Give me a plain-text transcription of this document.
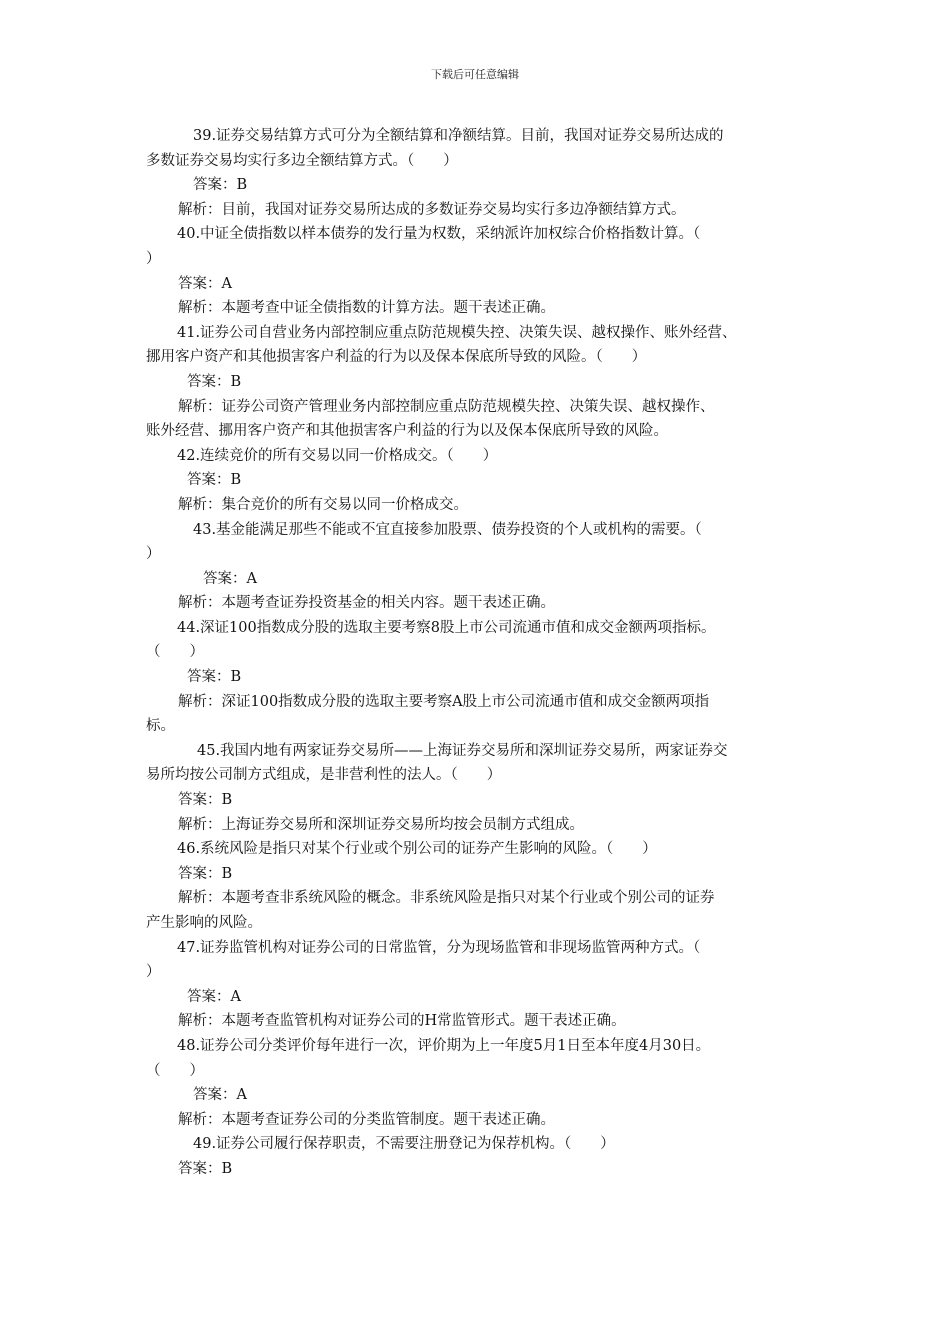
下载后可任意编辑
39.证券交易结算方式可分为全额结算和净额结算。目前，我国对证券交易所达成的
多数证券交易均实行多边全额结算方式。（　　）
答案：B
解析：目前，我国对证券交易所达成的多数证券交易均实行多边净额结算方式。
40.中证全债指数以样本债券的发行量为权数，采纳派许加权综合价格指数计算。（
）
答案：A
解析：本题考查中证全债指数的计算方法。题干表述正确。
41.证券公司自营业务内部控制应重点防范规模失控、决策失误、越权操作、账外经营、
挪用客户资产和其他损害客户利益的行为以及保本保底所导致的风险。（　　）
答案：B
解析：证券公司资产管理业务内部控制应重点防范规模失控、决策失误、越权操作、
账外经营、挪用客户资产和其他损害客户利益的行为以及保本保底所导致的风险。
42.连续竞价的所有交易以同一价格成交。（　　）
答案：B
解析：集合竞价的所有交易以同一价格成交。
43.基金能满足那些不能或不宜直接参加股票、债券投资的个人或机构的需要。（
）
答案：A
解析：本题考查证券投资基金的相关内容。题干表述正确。
44.深证100指数成分股的选取主要考察8股上市公司流通市值和成交金额两项指标。
（　　）
答案：B
解析：深证100指数成分股的选取主要考察A股上市公司流通市值和成交金额两项指
标。
45.我国内地有两家证券交易所——上海证券交易所和深圳证券交易所，两家证券交
易所均按公司制方式组成，是非营利性的法人。（　　）
答案：B
解析：上海证券交易所和深圳证券交易所均按会员制方式组成。
46.系统风险是指只对某个行业或个别公司的证券产生影响的风险。（　　）
答案：B
解析：本题考查非系统风险的概念。非系统风险是指只对某个行业或个别公司的证券
产生影响的风险。
47.证券监管机构对证券公司的日常监管，分为现场监管和非现场监管两种方式。（
）
答案：A
解析：本题考查监管机构对证券公司的H常监管形式。题干表述正确。
48.证券公司分类评价每年进行一次，评价期为上一年度5月1日至本年度4月30日。
（　　）
答案：A
解析：本题考查证券公司的分类监管制度。题干表述正确。
49.证券公司履行保荐职责，不需要注册登记为保荐机构。（　　）
答案：B
